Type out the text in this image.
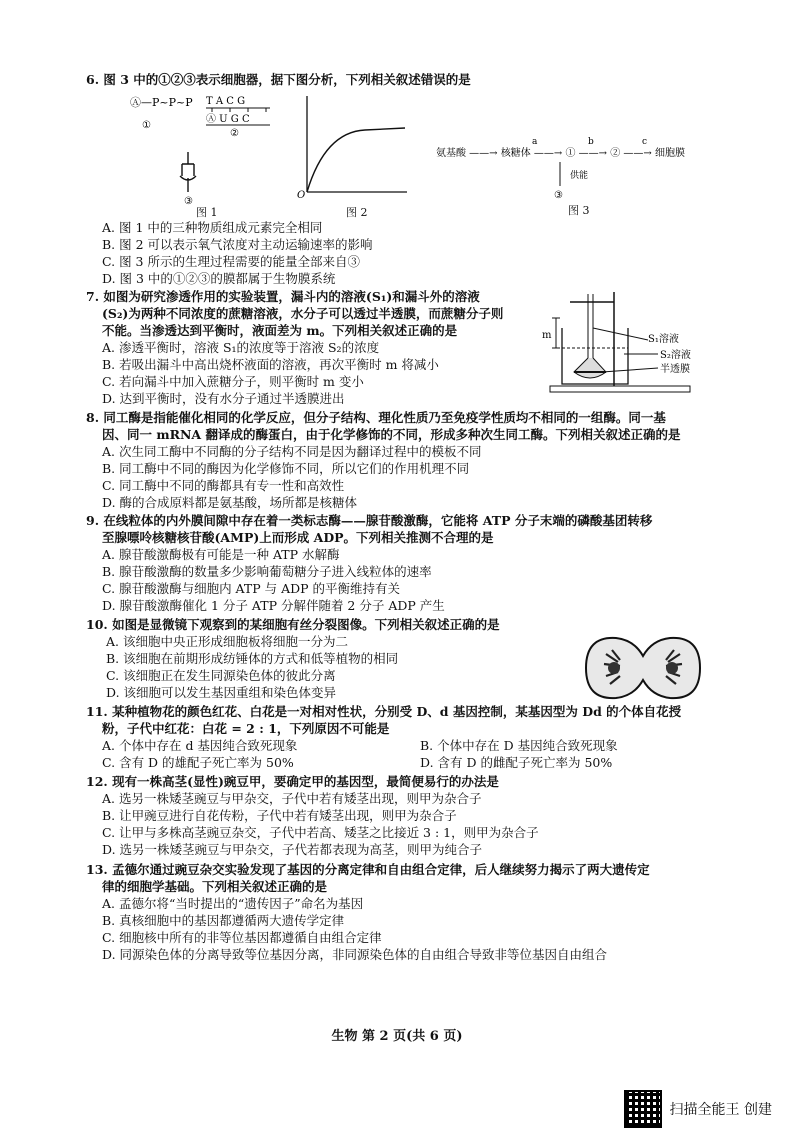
6. 图 3 中的①②③表示细胞器，据下图分析，下列相关叙述错误的是
Ⓐ—P~P~P
①
T A C G
Ⓐ U G C
②
③
图 1
O
图 2
氨基酸 ——→ 核糖体 ——→ ① ——→ ② ——→ 细胞膜
a	b	c
供能
③
图 3
A. 图 1 中的三种物质组成元素完全相同
B. 图 2 可以表示氧气浓度对主动运输速率的影响
C. 图 3 所示的生理过程需要的能量全部来自③
D. 图 3 中的①②③的膜都属于生物膜系统
7. 如图为研究渗透作用的实验装置，漏斗内的溶液(S₁)和漏斗外的溶液
(S₂)为两种不同浓度的蔗糖溶液，水分子可以透过半透膜，而蔗糖分子则
不能。当渗透达到平衡时，液面差为 m。下列相关叙述正确的是
A. 渗透平衡时，溶液 S₁的浓度等于溶液 S₂的浓度
B. 若吸出漏斗中高出烧杯液面的溶液，再次平衡时 m 将减小
C. 若向漏斗中加入蔗糖分子，则平衡时 m 变小
D. 达到平衡时，没有水分子通过半透膜进出
m	S₁溶液
S₂溶液
半透膜
8. 同工酶是指能催化相同的化学反应，但分子结构、理化性质乃至免疫学性质均不相同的一组酶。同一基
因、同一 mRNA 翻译成的酶蛋白，由于化学修饰的不同，形成多种次生同工酶。下列相关叙述正确的是
A. 次生同工酶中不同酶的分子结构不同是因为翻译过程中的模板不同
B. 同工酶中不同的酶因为化学修饰不同，所以它们的作用机理不同
C. 同工酶中不同的酶都具有专一性和高效性
D. 酶的合成原料都是氨基酸，场所都是核糖体
9. 在线粒体的内外膜间隙中存在着一类标志酶——腺苷酸激酶，它能将 ATP 分子末端的磷酸基团转移
至腺嘌呤核糖核苷酸(AMP)上而形成 ADP。下列相关推测不合理的是
A. 腺苷酸激酶极有可能是一种 ATP 水解酶
B. 腺苷酸激酶的数量多少影响葡萄糖分子进入线粒体的速率
C. 腺苷酸激酶与细胞内 ATP 与 ADP 的平衡维持有关
D. 腺苷酸激酶催化 1 分子 ATP 分解伴随着 2 分子 ADP 产生
10. 如图是显微镜下观察到的某细胞有丝分裂图像。下列相关叙述正确的是
A. 该细胞中央正形成细胞板将细胞一分为二
B. 该细胞在前期形成纺锤体的方式和低等植物的相同
C. 该细胞正在发生同源染色体的彼此分离
D. 该细胞可以发生基因重组和染色体变异
11. 某种植物花的颜色红花、白花是一对相对性状，分别受 D、d 基因控制，某基因型为 Dd 的个体自花授
粉，子代中红花：白花 = 2 : 1，下列原因不可能是
A. 个体中存在 d 基因纯合致死现象	B. 个体中存在 D 基因纯合致死现象
C. 含有 D 的雄配子死亡率为 50%	D. 含有 D 的雌配子死亡率为 50%
12. 现有一株高茎(显性)豌豆甲，要确定甲的基因型，最简便易行的办法是
A. 选另一株矮茎豌豆与甲杂交，子代中若有矮茎出现，则甲为杂合子
B. 让甲豌豆进行自花传粉，子代中若有矮茎出现，则甲为杂合子
C. 让甲与多株高茎豌豆杂交，子代中若高、矮茎之比接近 3 : 1，则甲为杂合子
D. 选另一株矮茎豌豆与甲杂交，子代若都表现为高茎，则甲为纯合子
13. 孟德尔通过豌豆杂交实验发现了基因的分离定律和自由组合定律，后人继续努力揭示了两大遗传定
律的细胞学基础。下列相关叙述正确的是
A. 孟德尔将“当时提出的“遗传因子”命名为基因
B. 真核细胞中的基因都遵循两大遗传学定律
C. 细胞核中所有的非等位基因都遵循自由组合定律
D. 同源染色体的分离导致等位基因分离，非同源染色体的自由组合导致非等位基因自由组合
生物 第 2 页(共 6 页)
扫描全能王 创建
